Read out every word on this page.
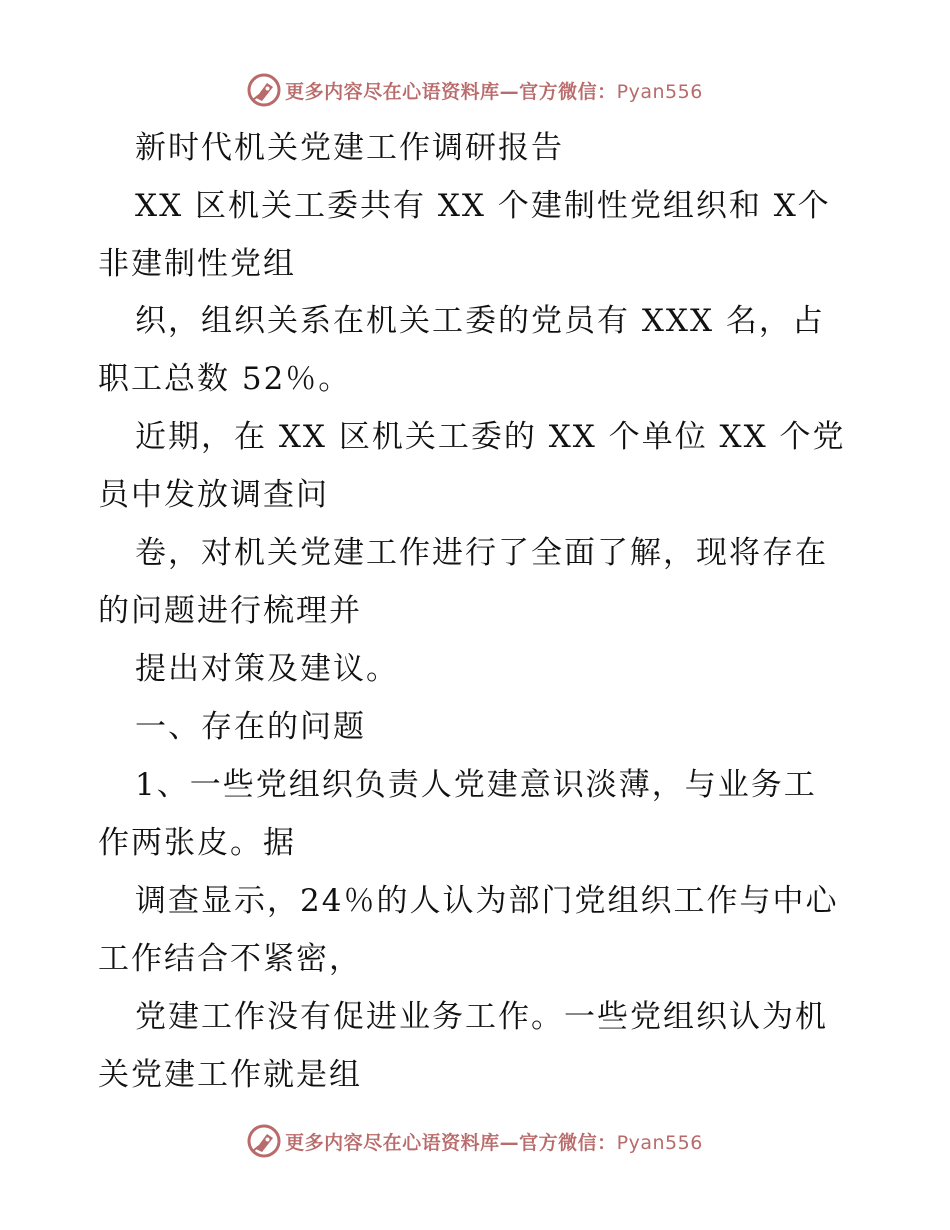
更多内容尽在心语资料库—官方微信：Pyan556
新时代机关党建工作调研报告
XX 区机关工委共有 XX 个建制性党组织和 X个
非建制性党组
织，组织关系在机关工委的党员有 XXX 名，占
职工总数 52％。
近期，在 XX 区机关工委的 XX 个单位 XX 个党
员中发放调查问
卷，对机关党建工作进行了全面了解，现将存在
的问题进行梳理并
提出对策及建议。
一、存在的问题
1、一些党组织负责人党建意识淡薄，与业务工
作两张皮。据
调查显示，24％的人认为部门党组织工作与中心
工作结合不紧密，
党建工作没有促进业务工作。一些党组织认为机
关党建工作就是组
更多内容尽在心语资料库—官方微信：Pyan556
